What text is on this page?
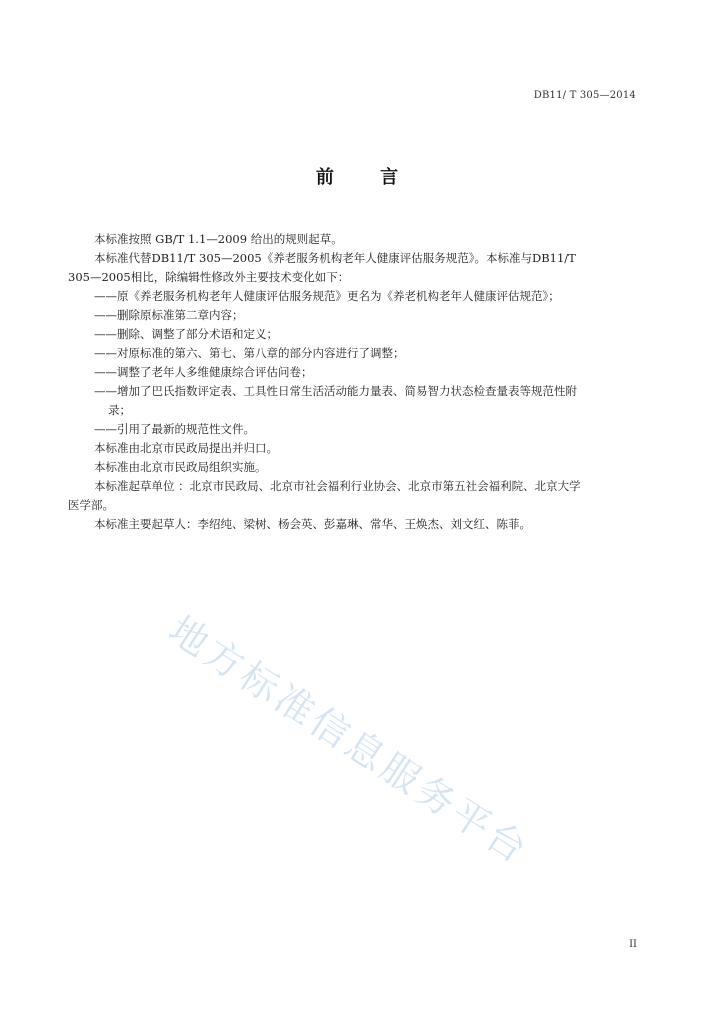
DB11/ T 305—2014
前 言

本标准按照 GB/T 1.1—2009 给出的规则起草。

本标准代替DB11/T 305—2005《养老服务机构老年人健康评估服务规范》。本标准与DB11/T

305—2005相比，除编辑性修改外主要技术变化如下：

——原《养老服务机构老年人健康评估服务规范》更名为《养老机构老年人健康评估规范》；

——删除原标准第二章内容；

——删除、调整了部分术语和定义；

——对原标准的第六、第七、第八章的部分内容进行了调整；

——调整了老年人多维健康综合评估问卷；

——增加了巴氏指数评定表、工具性日常生活活动能力量表、简易智力状态检查量表等规范性附

录；

——引用了最新的规范性文件。

本标准由北京市民政局提出并归口。

本标准由北京市民政局组织实施。

本标准起草单位 ：北京市民政局、北京市社会福利行业协会、北京市第五社会福利院、北京大学

医学部。

本标准主要起草人：李绍纯、梁树、杨会英、彭嘉琳、常华、王焕杰、刘文红、陈菲。

地方标准信息服务平台
II
